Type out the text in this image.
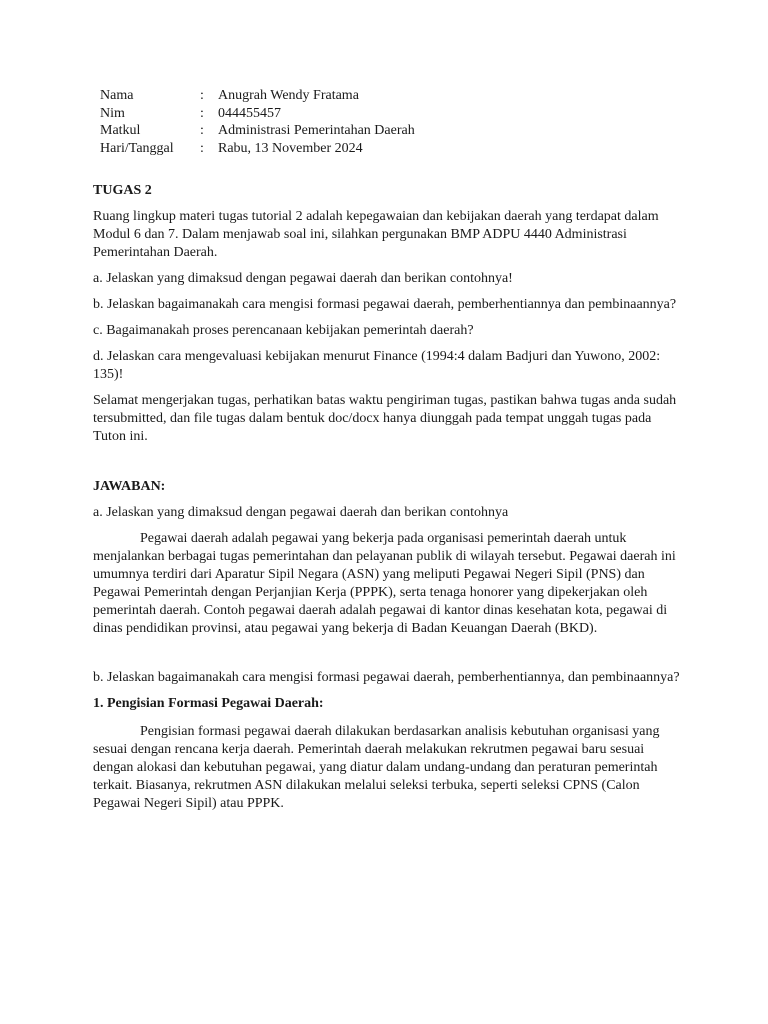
Nama	:	Anugrah Wendy Fratama
Nim	:	044455457
Matkul	:	Administrasi Pemerintahan Daerah
Hari/Tanggal	:	Rabu, 13 November 2024
TUGAS 2

Ruang lingkup materi tugas tutorial 2 adalah kepegawaian dan kebijakan daerah yang terdapat dalam Modul 6 dan 7. Dalam menjawab soal ini, silahkan pergunakan BMP ADPU 4440 Administrasi Pemerintahan Daerah.

a. Jelaskan yang dimaksud dengan pegawai daerah dan berikan contohnya!

b. Jelaskan bagaimanakah cara mengisi formasi pegawai daerah, pemberhentiannya dan pembinaannya?

c. Bagaimanakah proses perencanaan kebijakan pemerintah daerah?

d. Jelaskan cara mengevaluasi kebijakan menurut Finance (1994:4 dalam Badjuri dan Yuwono, 2002: 135)!

Selamat mengerjakan tugas, perhatikan batas waktu pengiriman tugas, pastikan bahwa tugas anda sudah tersubmitted, dan file tugas dalam bentuk doc/docx hanya diunggah pada tempat unggah tugas pada Tuton ini.

JAWABAN:

a. Jelaskan yang dimaksud dengan pegawai daerah dan berikan contohnya

Pegawai daerah adalah pegawai yang bekerja pada organisasi pemerintah daerah untuk menjalankan berbagai tugas pemerintahan dan pelayanan publik di wilayah tersebut. Pegawai daerah ini umumnya terdiri dari Aparatur Sipil Negara (ASN) yang meliputi Pegawai Negeri Sipil (PNS) dan Pegawai Pemerintah dengan Perjanjian Kerja (PPPK), serta tenaga honorer yang dipekerjakan oleh pemerintah daerah. Contoh pegawai daerah adalah pegawai di kantor dinas kesehatan kota, pegawai di dinas pendidikan provinsi, atau pegawai yang bekerja di Badan Keuangan Daerah (BKD).

b. Jelaskan bagaimanakah cara mengisi formasi pegawai daerah, pemberhentiannya, dan pembinaannya?

1. Pengisian Formasi Pegawai Daerah:

Pengisian formasi pegawai daerah dilakukan berdasarkan analisis kebutuhan organisasi yang sesuai dengan rencana kerja daerah. Pemerintah daerah melakukan rekrutmen pegawai baru sesuai dengan alokasi dan kebutuhan pegawai, yang diatur dalam undang-undang dan peraturan pemerintah terkait. Biasanya, rekrutmen ASN dilakukan melalui seleksi terbuka, seperti seleksi CPNS (Calon Pegawai Negeri Sipil) atau PPPK.
